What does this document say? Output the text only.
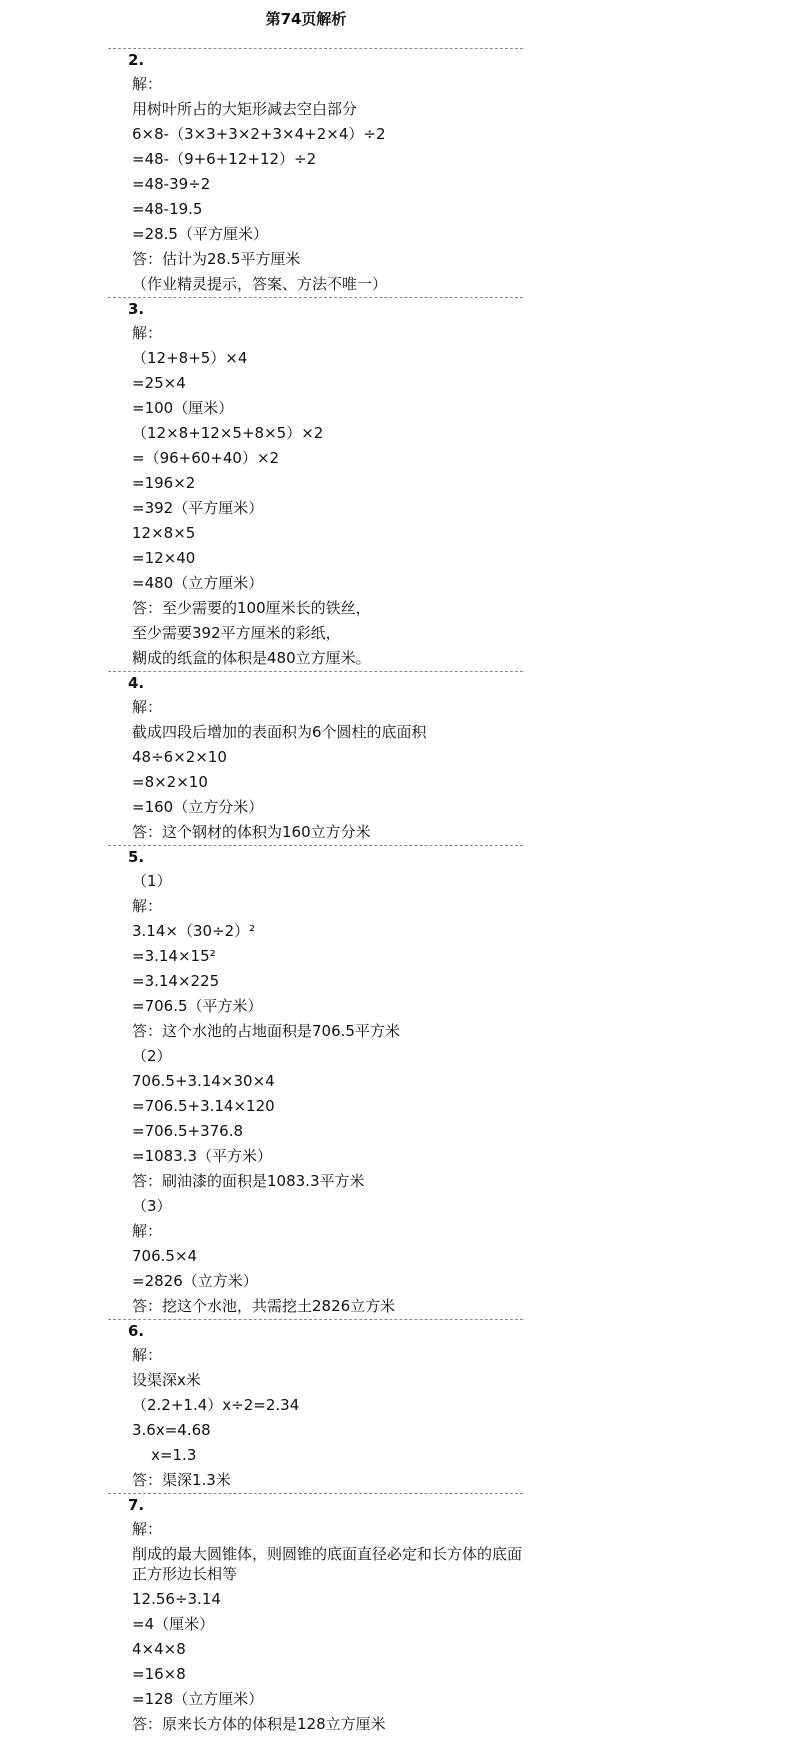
第74页解析
2.
解：
用树叶所占的大矩形减去空白部分
6×8-（3×3+3×2+3×4+2×4）÷2
=48-（9+6+12+12）÷2
=48-39÷2
=48-19.5
=28.5（平方厘米）
答：估计为28.5平方厘米
（作业精灵提示，答案、方法不唯一）
3.
解：
（12+8+5）×4
=25×4
=100（厘米）
（12×8+12×5+8×5）×2
=（96+60+40）×2
=196×2
=392（平方厘米）
12×8×5
=12×40
=480（立方厘米）
答：至少需要的100厘米长的铁丝，
至少需要392平方厘米的彩纸，
糊成的纸盒的体积是480立方厘米。
4.
解：
截成四段后增加的表面积为6个圆柱的底面积
48÷6×2×10
=8×2×10
=160（立方分米）
答：这个钢材的体积为160立方分米
5.
（1）
解：
3.14×（30÷2）²
=3.14×15²
=3.14×225
=706.5（平方米）
答：这个水池的占地面积是706.5平方米
（2）
706.5+3.14×30×4
=706.5+3.14×120
=706.5+376.8
=1083.3（平方米）
答：刷油漆的面积是1083.3平方米
（3）
解：
706.5×4
=2826（立方米）
答：挖这个水池，共需挖土2826立方米
6.
解：
设渠深x米
（2.2+1.4）x÷2=2.34
3.6x=4.68
x=1.3
答：渠深1.3米
7.
解：
削成的最大圆锥体，则圆锥的底面直径必定和长方体的底面正方形边长相等
12.56÷3.14
=4（厘米）
4×4×8
=16×8
=128（立方厘米）
答：原来长方体的体积是128立方厘米
